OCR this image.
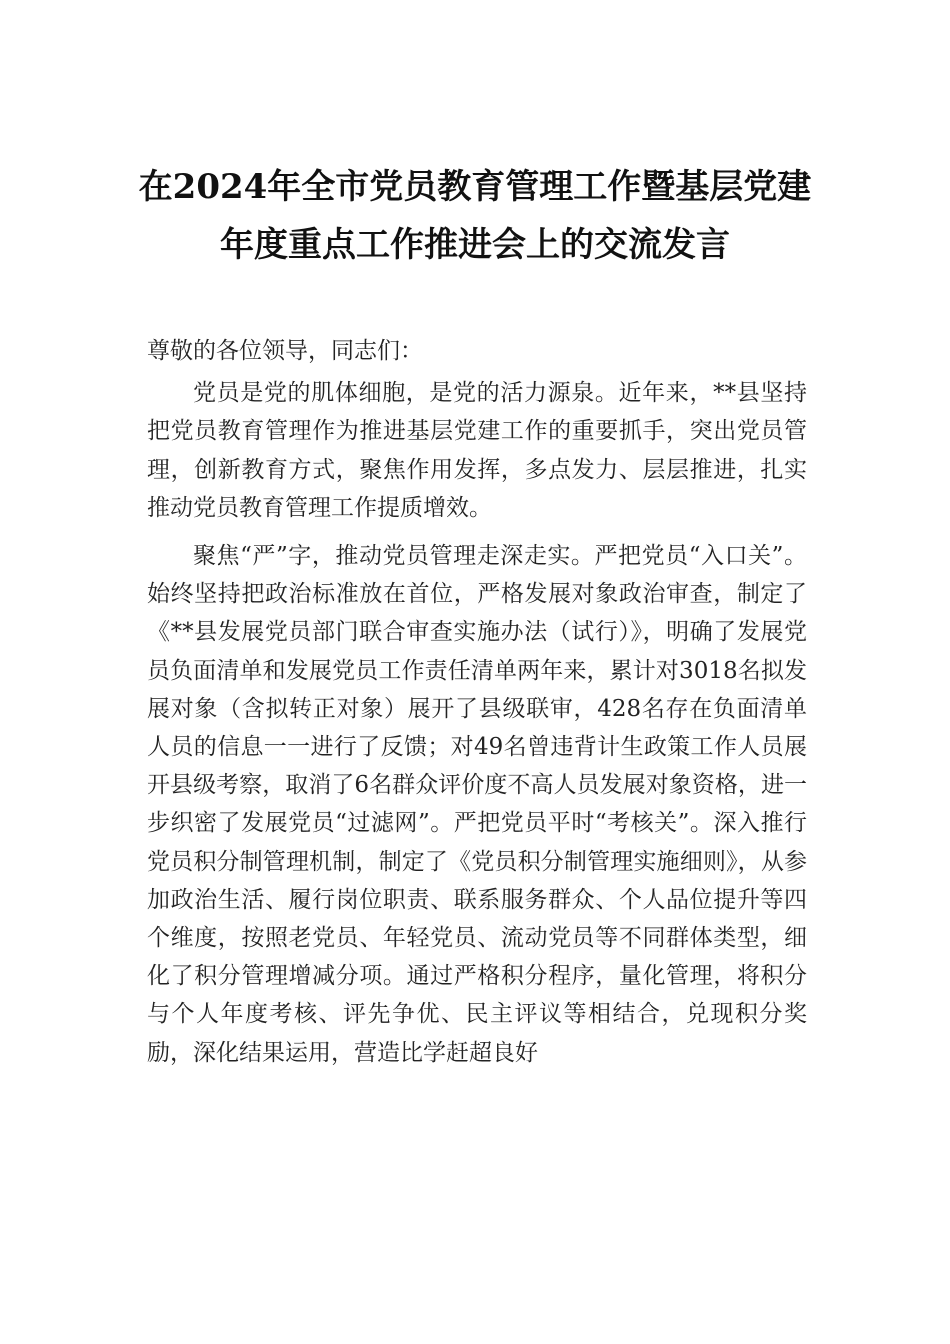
在2024年全市党员教育管理工作暨基层党建年度重点工作推进会上的交流发言

尊敬的各位领导，同志们：

党员是党的肌体细胞，是党的活力源泉。近年来，**县坚持把党员教育管理作为推进基层党建工作的重要抓手，突出党员管理，创新教育方式，聚焦作用发挥，多点发力、层层推进，扎实推动党员教育管理工作提质增效。

聚焦“严”字，推动党员管理走深走实。严把党员“入口关”。始终坚持把政治标准放在首位，严格发展对象政治审查，制定了《**县发展党员部门联合审查实施办法（试行）》，明确了发展党员负面清单和发展党员工作责任清单两年来，累计对3018名拟发展对象（含拟转正对象）展开了县级联审，428名存在负面清单人员的信息一一进行了反馈；对49名曾违背计生政策工作人员展开县级考察，取消了6名群众评价度不高人员发展对象资格，进一步织密了发展党员“过滤网”。严把党员平时“考核关”。深入推行党员积分制管理机制，制定了《党员积分制管理实施细则》，从参加政治生活、履行岗位职责、联系服务群众、个人品位提升等四个维度，按照老党员、年轻党员、流动党员等不同群体类型，细化了积分管理增减分项。通过严格积分程序，量化管理，将积分与个人年度考核、评先争优、民主评议等相结合，兑现积分奖励，深化结果运用，营造比学赶超良好
